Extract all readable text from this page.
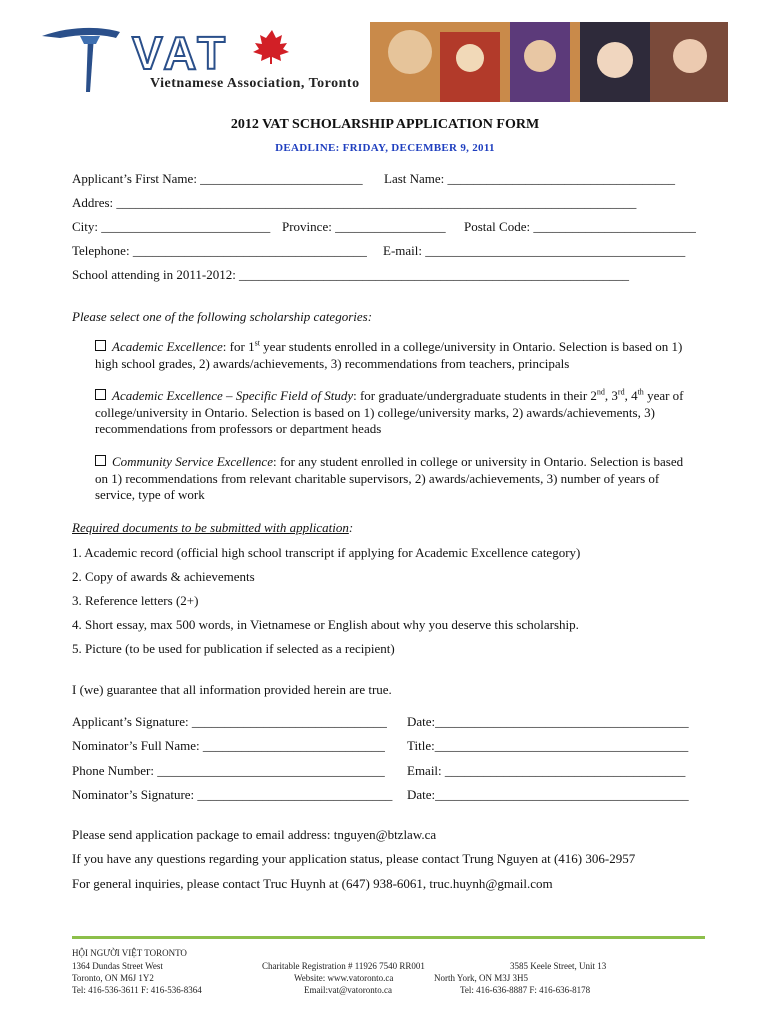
VAT
Vietnamese Association, Toronto
2012 VAT SCHOLARSHIP APPLICATION FORM
DEADLINE: FRIDAY, DECEMBER 9, 2011
Applicant’s First Name: _________________________ Last Name: ___________________________________
Addres: ________________________________________________________________________________
City: __________________________ Province: _________________ Postal Code: _________________________
Telephone: ____________________________________ E-mail: ________________________________________
School attending in 2011-2012: ____________________________________________________________
Please select one of the following scholarship categories:
Academic Excellence: for 1st year students enrolled in a college/university in Ontario. Selection is based on 1) high school grades, 2) awards/achievements, 3) recommendations from teachers, principals
Academic Excellence – Specific Field of Study: for graduate/undergraduate students in their 2nd, 3rd, 4th year of college/university in Ontario. Selection is based on 1) college/university marks, 2) awards/achievements, 3) recommendations from professors or department heads
Community Service Excellence: for any student enrolled in college or university in Ontario. Selection is based on 1) recommendations from relevant charitable supervisors, 2) awards/achievements, 3) number of years of service, type of work
Required documents to be submitted with application:
1. Academic record (official high school transcript if applying for Academic Excellence category)
2. Copy of awards & achievements
3. Reference letters (2+)
4. Short essay, max 500 words, in Vietnamese or English about why you deserve this scholarship.
5. Picture (to be used for publication if selected as a recipient)
I (we) guarantee that all information provided herein are true.
Applicant’s Signature: ______________________________ Date:_______________________________________
Nominator’s Full Name: ____________________________ Title:_______________________________________
Phone Number: ___________________________________ Email: _____________________________________
Nominator’s Signature: ______________________________ Date:_______________________________________
Please send application package to email address: tnguyen@btzlaw.ca
If you have any questions regarding your application status, please contact Trung Nguyen at (416) 306-2957
For general inquiries, please contact Truc Huynh at (647) 938-6061, truc.huynh@gmail.com
HỘI NGƯỜI VIỆT TORONTO
1364 Dundas Street West
Toronto, ON M6J 1Y2
Tel: 416-536-3611 F: 416-536-8364
Charitable Registration # 11926 7540 RR001
Website: www.vatoronto.ca
Email:vat@vatoronto.ca
3585 Keele Street, Unit 13
North York, ON M3J 3H5
Tel: 416-636-8887 F: 416-636-8178
